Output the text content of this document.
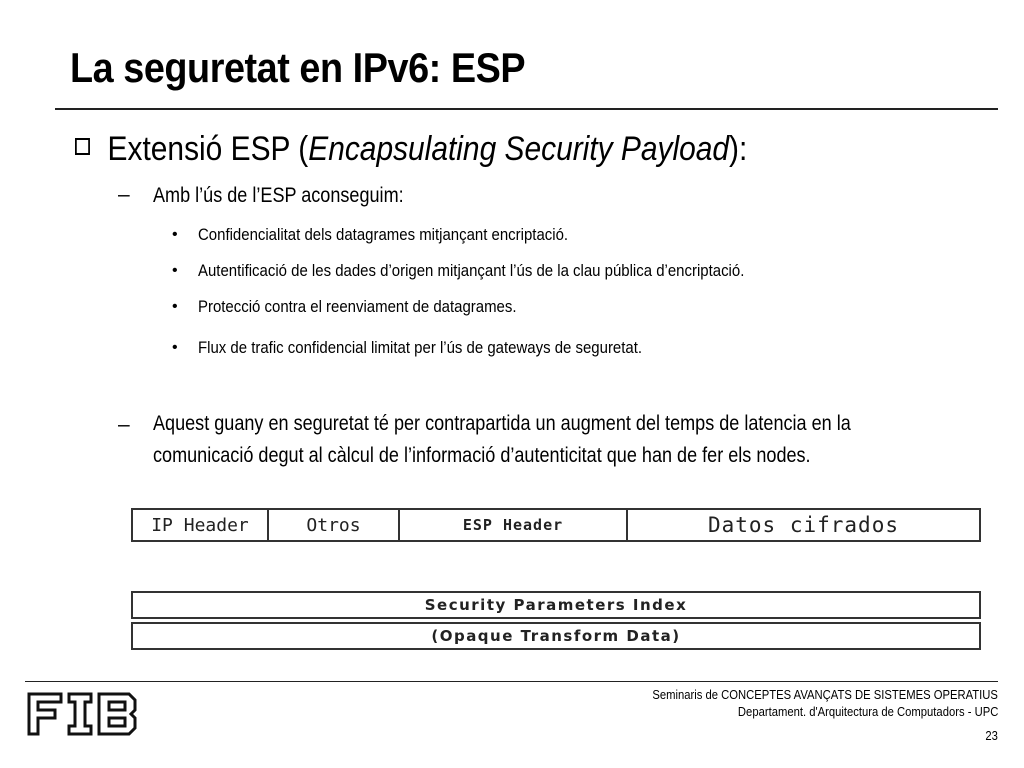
La seguretat en IPv6: ESP
Extensió ESP (Encapsulating Security Payload):
– Amb l’ús de l’ESP aconseguim:
• Confidencialitat dels datagrames mitjançant encriptació.
• Autentificació de les dades d’origen mitjançant l’ús de la clau pública d’encriptació.
• Protecció contra el reenviament de datagrames.
• Flux de trafic confidencial limitat per l’ús de gateways de seguretat.
– Aquest guany en seguretat té per contrapartida un augment del temps de latencia en la
comunicació degut al càlcul de l’informació d’autenticitat que han de fer els nodes.
IP Header	Otros	ESP Header	Datos cifrados
Security Parameters Index
(Opaque Transform Data)
Seminaris de CONCEPTES AVANÇATS DE SISTEMES OPERATIUS
Departament. d'Arquitectura de Computadors - UPC
23
